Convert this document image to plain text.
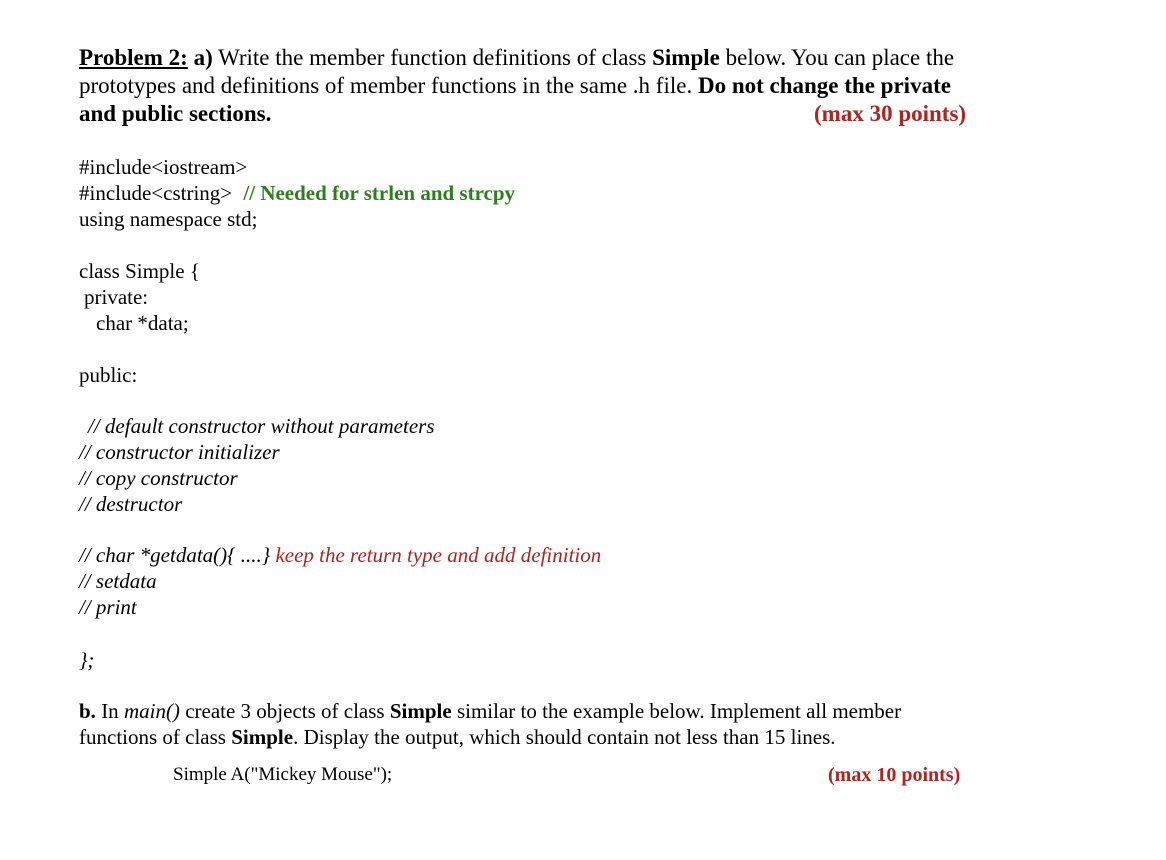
Problem 2: a) Write the member function definitions of class Simple below. You can place the
prototypes and definitions of member functions in the same .h file. Do not change the private
and public sections.	(max 30 points)
#include<iostream>
#include<cstring> // Needed for strlen and strcpy
using namespace std;
class Simple {
private:
char *data;
public:
// default constructor without parameters
// constructor initializer
// copy constructor
// destructor
// char *getdata(){ ....} keep the return type and add definition
// setdata
// print
};
b. In main() create 3 objects of class Simple similar to the example below. Implement all member
functions of class Simple. Display the output, which should contain not less than 15 lines.
Simple A("Mickey Mouse");	(max 10 points)
